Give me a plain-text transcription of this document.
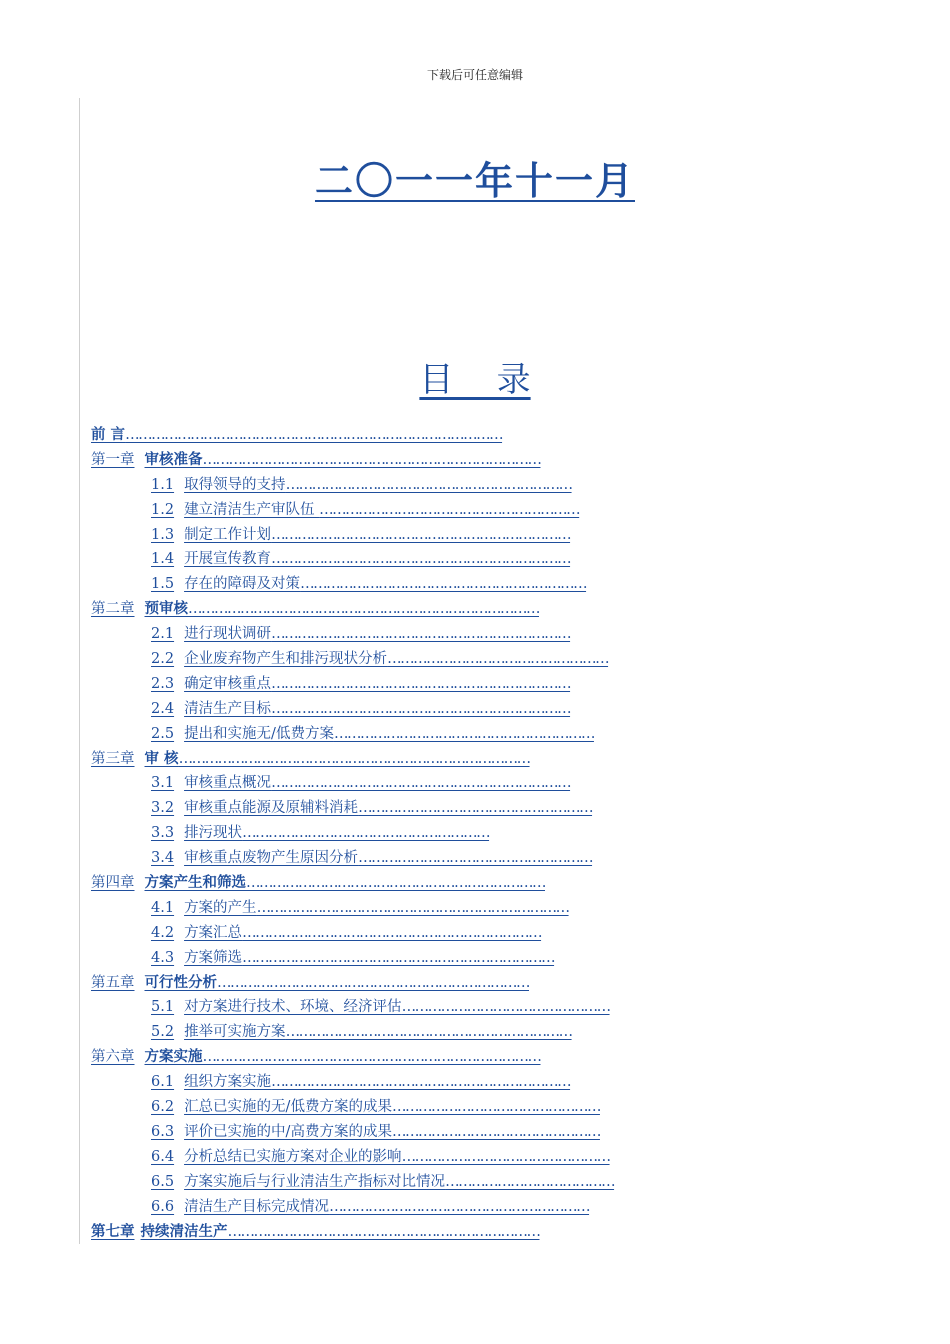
下载后可任意编辑
二〇一一年十一月
目    录
前 言……………………………………………………………………………
第一章 审核准备……………………………………………………………………
1.1 取得领导的支持…………………………………………………………
1.2 建立清洁生产审队伍 ……………………………………………………
1.3 制定工作计划……………………………………………………………
1.4 开展宣传教育……………………………………………………………
1.5 存在的障碍及对策…………………………………………………………
第二章 预审核………………………………………………………………………
2.1 进行现状调研……………………………………………………………
2.2 企业废弃物产生和排污现状分析……………………………………………
2.3 确定审核重点……………………………………………………………
2.4 清洁生产目标……………………………………………………………
2.5 提出和实施无/低费方案……………………………………………………
第三章 审 核………………………………………………………………………
3.1 审核重点概况……………………………………………………………
3.2 审核重点能源及原辅料消耗………………………………………………
3.3 排污现状…………………………………………………
3.4 审核重点废物产生原因分析………………………………………………
第四章 方案产生和筛选……………………………………………………………
4.1 方案的产生………………………………………………………………
4.2 方案汇总……………………………………………………………
4.3 方案筛选………………………………………………………………
第五章 可行性分析………………………………………………………………
5.1 对方案进行技术、环境、经济评估…………………………………………
5.2 推举可实施方案…………………………………………………………
第六章 方案实施……………………………………………………………………
6.1 组织方案实施……………………………………………………………
6.2 汇总已实施的无/低费方案的成果…………………………………………
6.3 评价已实施的中/高费方案的成果…………………………………………
6.4 分析总结已实施方案对企业的影响…………………………………………
6.5 方案实施后与行业清洁生产指标对比情况…………………………………
6.6 清洁生产目标完成情况……………………………………………………
第七章 持续清洁生产………………………………………………………………
